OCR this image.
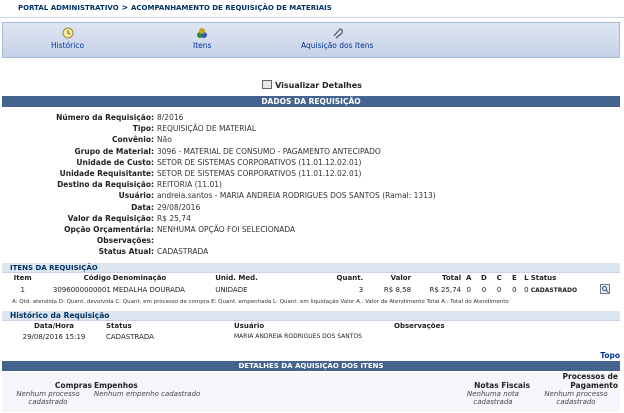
PORTAL ADMINISTRATIVO > ACOMPANHAMENTO DE REQUISIÇÃO DE MATERIAIS
Histórico	Itens	Aquisição dos Itens
Visualizar Detalhes
DADOS DA REQUISIÇÃO
Número da Requisição: 8/2016
Tipo: REQUISIÇÃO DE MATERIAL
Convênio: Não
Grupo de Material: 3096 - MATERIAL DE CONSUMO - PAGAMENTO ANTECIPADO
Unidade de Custo: SETOR DE SISTEMAS CORPORATIVOS (11.01.12.02.01)
Unidade Requisitante: SETOR DE SISTEMAS CORPORATIVOS (11.01.12.02.01)
Destino da Requisição: REITORIA (11.01)
Usuário: andreia.santos - MARIA ANDREIA RODRIGUES DOS SANTOS (Ramal: 1313)
Data: 29/08/2016
Valor da Requisição: R$ 25,74
Opção Orçamentária: NENHUMA OPÇÃO FOI SELECIONADA
Observações:
Status Atual: CADASTRADA
ITENS DA REQUISIÇÃO
Item	Código	Denominação	Unid. Med.	Quant.	Valor	Total	A	D	C	E	L	Status	
1	3096000000001	MEDALHA DOURADA	UNIDADE	3	R$ 8,58	R$ 25,74	0	0	0	0	0	CADASTRADO	
A: Qtd. atendida D: Quant. devolvida C: Quant. em processo de compra E: Quant. empenhada L: Quant. em liquidação Valor A.: Valor de Atendimento Total A.: Total do Atendimento
Histórico da Requisição
Data/Hora	Status	Usuário	Observações
29/08/2016 15:19	CADASTRADA	MARIA ANDREIA RODRIGUES DOS SANTOS	
Topo
DETALHES DA AQUISIÇÃO DOS ITENS
Compras	Empenhos	Notas Fiscais	Processos de Pagamento
Nenhum processo cadastrado	Nenhum empenho cadastrado	Nenhuma nota cadastrada	Nenhum processo cadastrado
